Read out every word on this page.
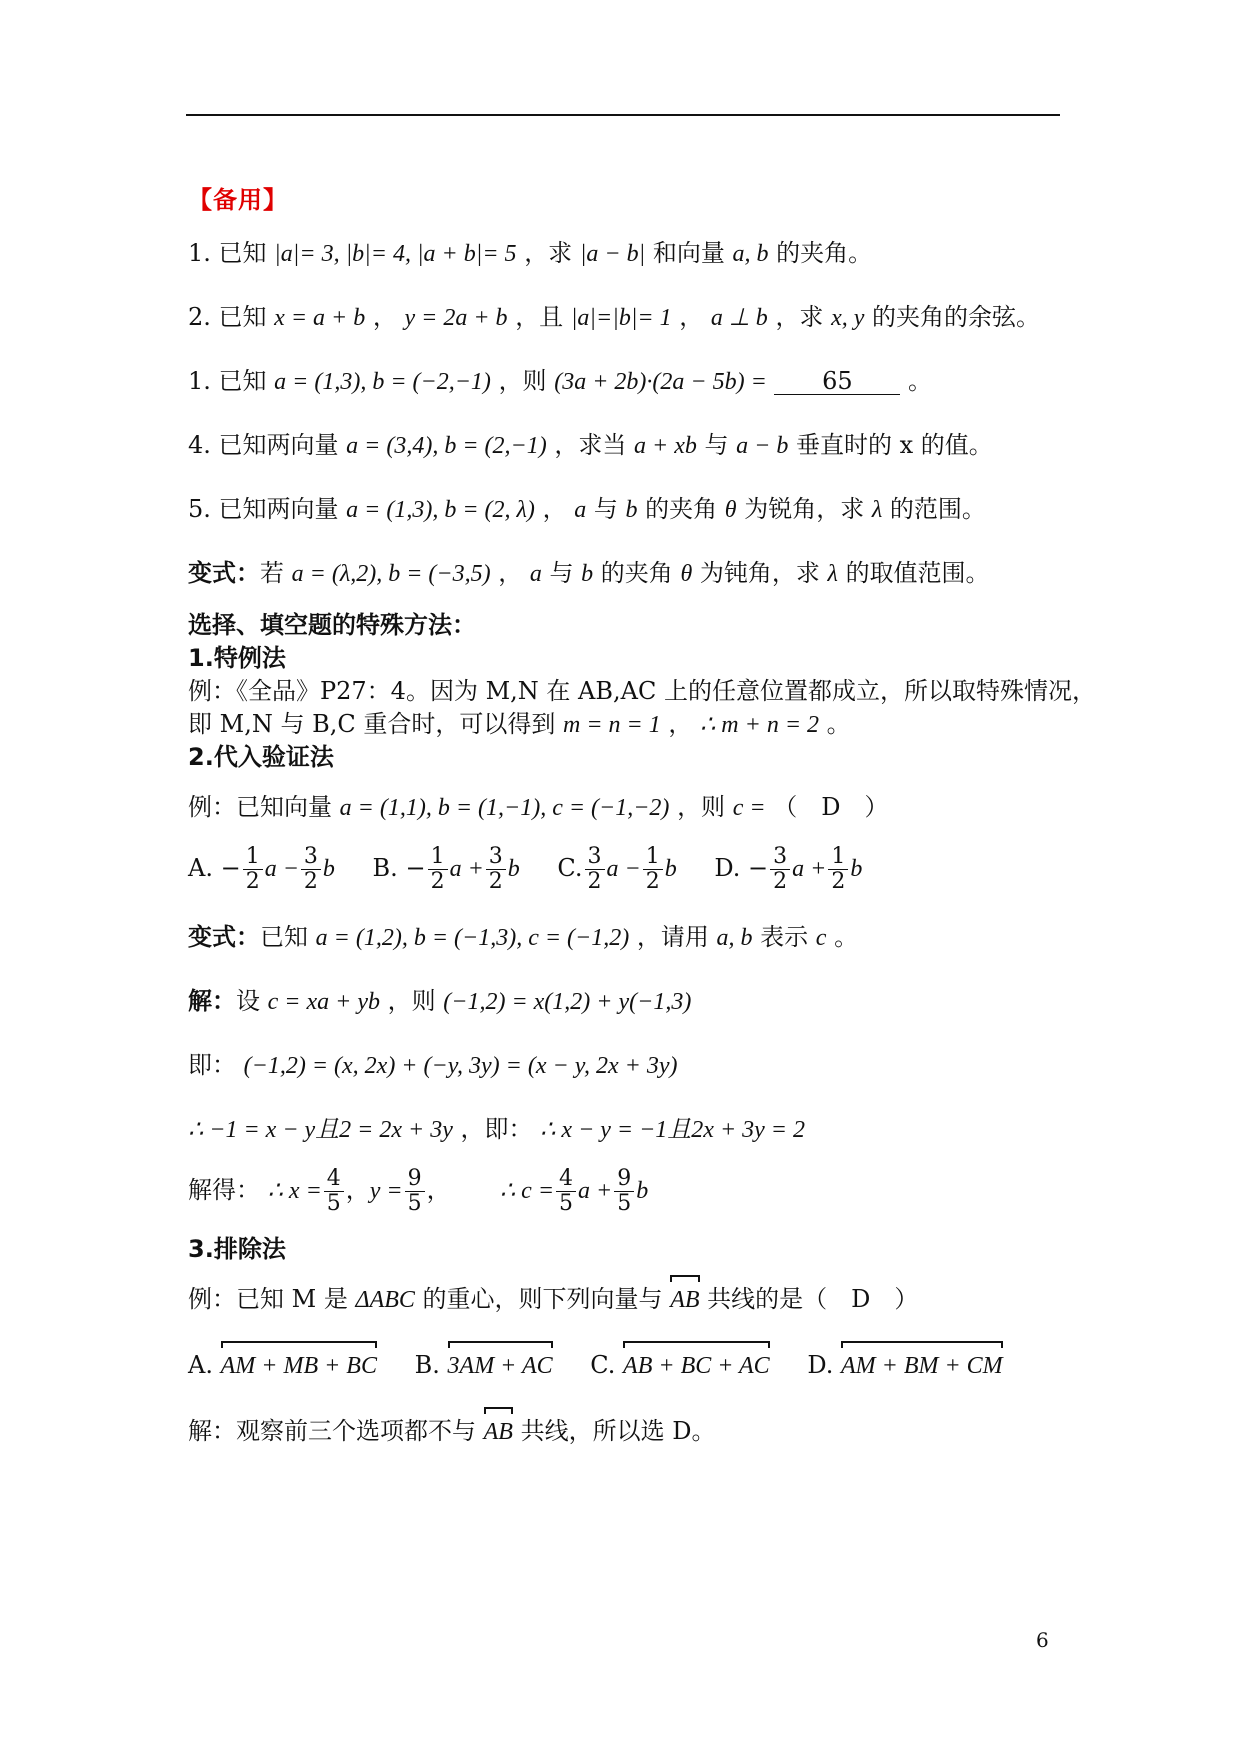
【备用】
1. 已知 |a|= 3, |b|= 4, |a + b|= 5 ，求 |a − b| 和向量 a, b 的夹角。
2. 已知 x = a + b ， y = 2a + b ，且 |a|=|b|= 1 ， a ⊥ b ，求 x, y 的夹角的余弦。
1. 已知 a = (1,3), b = (−2,−1) ，则 (3a + 2b)·(2a − 5b) = 65 。
4. 已知两向量 a = (3,4), b = (2,−1) ，求当 a + xb 与 a − b 垂直时的 x 的值。
5. 已知两向量 a = (1,3), b = (2, λ) ， a 与 b 的夹角 θ 为锐角，求 λ 的范围。
变式：若 a = (λ,2), b = (−3,5) ， a 与 b 的夹角 θ 为钝角，求 λ 的取值范围。
选择、填空题的特殊方法：
1.特例法
例：《全品》P27：4。因为 M,N 在 AB,AC 上的任意位置都成立，所以取特殊情况，
即 M,N 与 B,C 重合时，可以得到 m = n = 1 ， ∴ m + n = 2 。
2.代入验证法
例：已知向量 a = (1,1), b = (1,−1), c = (−1,−2) ，则 c = （　D　）
A. − $\frac{1}{2}$ $a - \frac{3}{2}$ b B. − $\frac{1}{2}$ $a + \frac{3}{2}$ b C. $\frac{3}{2}$ $a - \frac{1}{2}$ b D. − $\frac{3}{2}$ $a + \frac{1}{2}$ b
变式：已知 a = (1,2), b = (−1,3), c = (−1,2) ，请用 a, b 表示 c 。
解：设 c = xa + yb ，则 (−1,2) = x(1,2) + y(−1,3)
即： (−1,2) = (x, 2x) + (−y, 3y) = (x − y, 2x + 3y)
∴ −1 = x − y且2 = 2x + 3y ，即： ∴ x − y = −1且2x + 3y = 2
解得： ∴ $x = \frac{4}{5}$ ，$y = \frac{9}{5}$ ， ∴ $c = \frac{4}{5}$ $a + \frac{9}{5}$ b
3.排除法
例：已知 M 是 ΔABC 的重心，则下列向量与 AB 共线的是（　D　）
A. AM + MB + BC B. 3AM + AC C. AB + BC + AC D. AM + BM + CM
解：观察前三个选项都不与 AB 共线，所以选 D。
6
